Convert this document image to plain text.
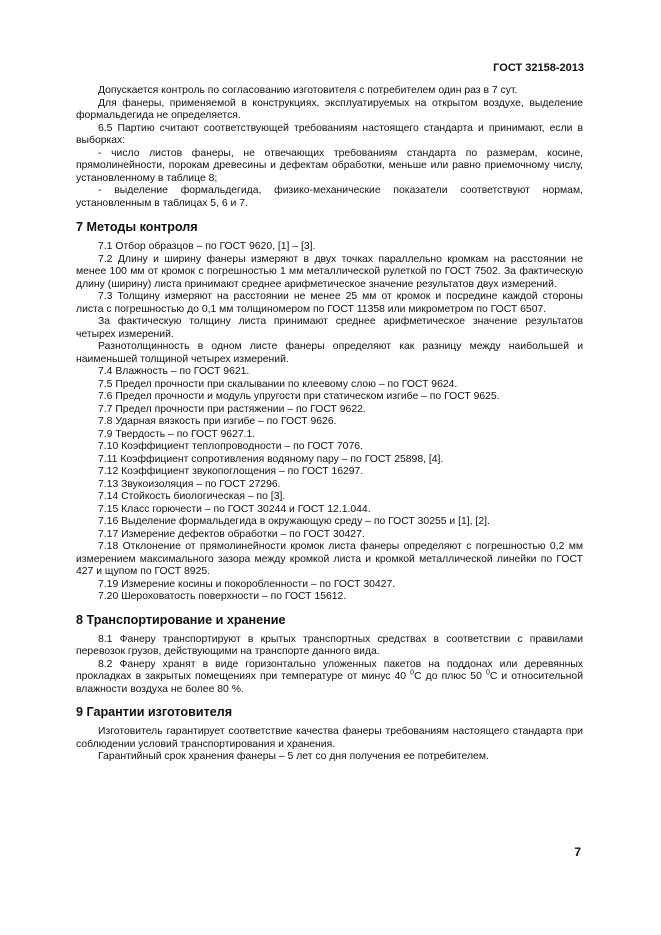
ГОСТ 32158-2013

Допускается контроль по согласованию изготовителя с потребителем один раз в 7 сут.

Для фанеры, применяемой в конструкциях, эксплуатируемых на открытом воздухе, выделение формальдегида не определяется.

6.5 Партию считают соответствующей требованиям настоящего стандарта и принимают, если в выборках:

- число листов фанеры, не отвечающих требованиям стандарта по размерам, косине, прямолинейности, порокам древесины и дефектам обработки, меньше или равно приемочному числу, установленному в таблице 8;

- выделение формальдегида, физико-механические показатели соответствуют нормам, установленным в таблицах 5, 6 и 7.

7 Методы контроля

7.1 Отбор образцов – по ГОСТ 9620, [1] – [3].

7.2 Длину и ширину фанеры измеряют в двух точках параллельно кромкам на расстоянии не менее 100 мм от кромок с погрешностью 1 мм металлической рулеткой по ГОСТ 7502. За фактическую длину (ширину) листа принимают среднее арифметическое значение результатов двух измерений.

7.3 Толщину измеряют на расстоянии не менее 25 мм от кромок и посредине каждой стороны листа с погрешностью до 0,1 мм толщиномером по ГОСТ 11358 или микрометром по ГОСТ 6507.

За фактическую толщину листа принимают среднее арифметическое значение результатов четырех измерений.

Разнотолщинность в одном листе фанеры определяют как разницу между наибольшей и наименьшей толщиной четырех измерений.

7.4 Влажность – по ГОСТ 9621.

7.5 Предел прочности при скалывании по клеевому слою – по ГОСТ 9624.

7.6 Предел прочности и модуль упругости при статическом изгибе – по ГОСТ 9625.

7.7 Предел прочности при растяжении – по ГОСТ 9622.

7.8 Ударная вязкость при изгибе – по ГОСТ 9626.

7.9 Твердость – по ГОСТ 9627.1.

7.10 Коэффициент теплопроводности – по ГОСТ 7076.

7.11 Коэффициент сопротивления водяному пару – по ГОСТ 25898, [4].

7.12 Коэффициент звукопоглощения – по ГОСТ 16297.

7.13 Звукоизоляция – по ГОСТ 27296.

7.14 Стойкость биологическая – по [3].

7.15 Класс горючести – по ГОСТ 30244 и ГОСТ 12.1.044.

7.16 Выделение формальдегида в окружающую среду – по ГОСТ 30255 и [1], [2].

7.17 Измерение дефектов обработки – по ГОСТ 30427.

7.18 Отклонение от прямолинейности кромок листа фанеры определяют с погрешностью 0,2 мм измерением максимального зазора между кромкой листа и кромкой металлической линейки по ГОСТ 427 и щупом по ГОСТ 8925.

7.19 Измерение косины и покоробленности – по ГОСТ 30427.

7.20 Шероховатость поверхности – по ГОСТ 15612.

8 Транспортирование и хранение

8.1 Фанеру транспортируют в крытых транспортных средствах в соответствии с правилами перевозок грузов, действующими на транспорте данного вида.

8.2 Фанеру хранят в виде горизонтально уложенных пакетов на поддонах или деревянных прокладках в закрытых помещениях при температуре от минус 40 $^0$С до плюс 50 $^0$С и относительной влажности воздуха не более 80 %.

9 Гарантии изготовителя

Изготовитель гарантирует соответствие качества фанеры требованиям настоящего стандарта при соблюдении условий транспортирования и хранения.

Гарантийный срок хранения фанеры – 5 лет со дня получения ее потребителем.

7
